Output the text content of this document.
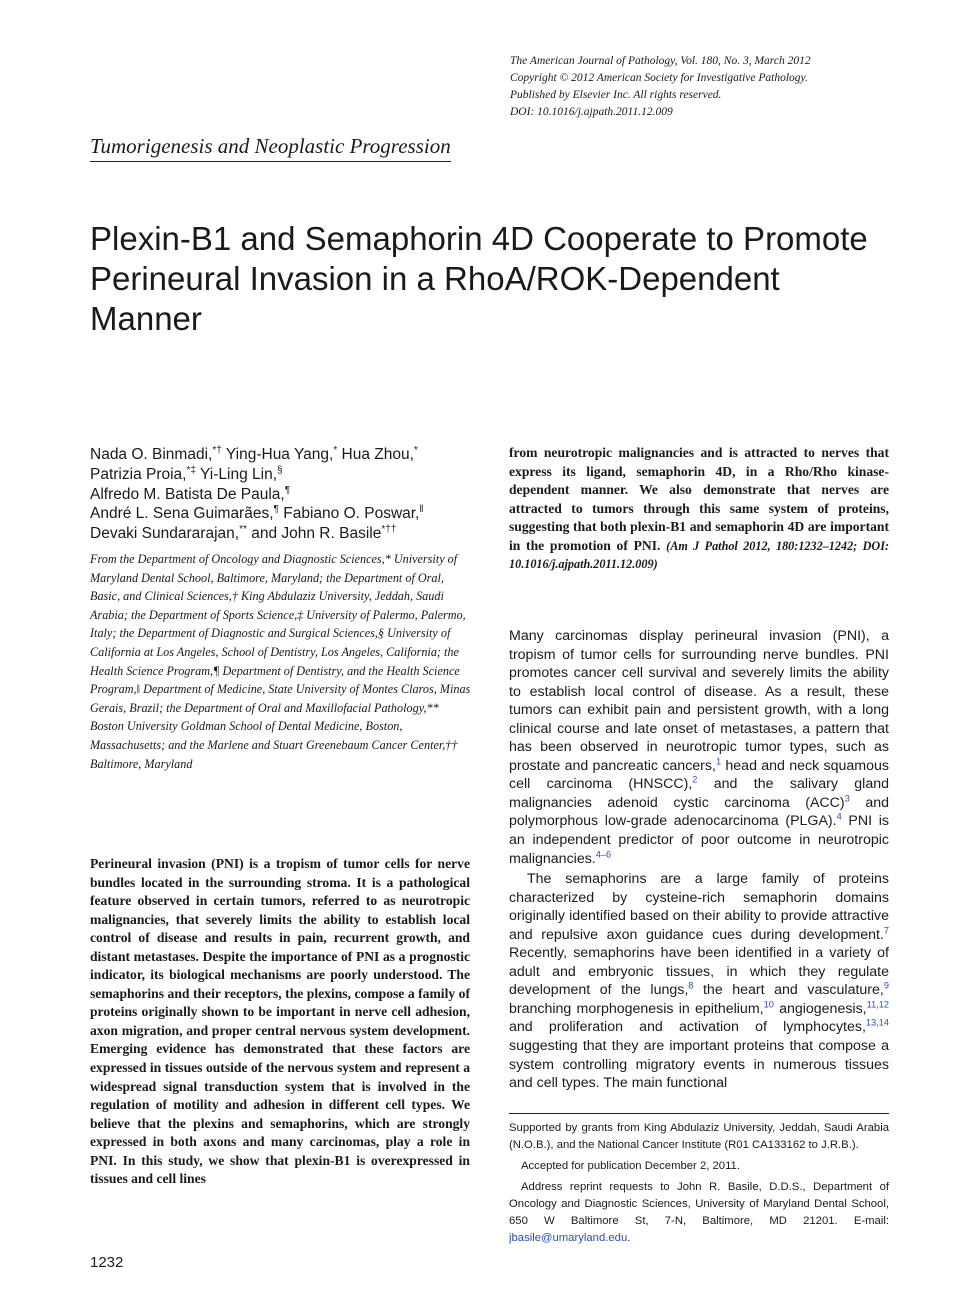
The American Journal of Pathology, Vol. 180, No. 3, March 2012
Copyright © 2012 American Society for Investigative Pathology.
Published by Elsevier Inc. All rights reserved.
DOI: 10.1016/j.ajpath.2011.12.009
Tumorigenesis and Neoplastic Progression
Plexin-B1 and Semaphorin 4D Cooperate to Promote
Perineural Invasion in a RhoA/ROK-Dependent
Manner
Nada O. Binmadi,*† Ying-Hua Yang,* Hua Zhou,*
Patrizia Proia,*‡ Yi-Ling Lin,§
Alfredo M. Batista De Paula,¶
André L. Sena Guimarães,¶ Fabiano O. Poswar,‖
Devaki Sundararajan,** and John R. Basile*††
From the Department of Oncology and Diagnostic Sciences,* University of Maryland Dental School, Baltimore, Maryland; the Department of Oral, Basic, and Clinical Sciences,† King Abdulaziz University, Jeddah, Saudi Arabia; the Department of Sports Science,‡ University of Palermo, Palermo, Italy; the Department of Diagnostic and Surgical Sciences,§ University of California at Los Angeles, School of Dentistry, Los Angeles, California; the Health Science Program,¶ Department of Dentistry, and the Health Science Program,‖ Department of Medicine, State University of Montes Claros, Minas Gerais, Brazil; the Department of Oral and Maxillofacial Pathology,** Boston University Goldman School of Dental Medicine, Boston, Massachusetts; and the Marlene and Stuart Greenebaum Cancer Center,†† Baltimore, Maryland
Perineural invasion (PNI) is a tropism of tumor cells for nerve bundles located in the surrounding stroma. It is a pathological feature observed in certain tumors, referred to as neurotropic malignancies, that severely limits the ability to establish local control of disease and results in pain, recurrent growth, and distant metastases. Despite the importance of PNI as a prognostic indicator, its biological mechanisms are poorly understood. The semaphorins and their receptors, the plexins, compose a family of proteins originally shown to be important in nerve cell adhesion, axon migration, and proper central nervous system development. Emerging evidence has demonstrated that these factors are expressed in tissues outside of the nervous system and represent a widespread signal transduction system that is involved in the regulation of motility and adhesion in different cell types. We believe that the plexins and semaphorins, which are strongly expressed in both axons and many carcinomas, play a role in PNI. In this study, we show that plexin-B1 is overexpressed in tissues and cell lines
from neurotropic malignancies and is attracted to nerves that express its ligand, semaphorin 4D, in a Rho/Rho kinase-dependent manner. We also demonstrate that nerves are attracted to tumors through this same system of proteins, suggesting that both plexin-B1 and semaphorin 4D are important in the promotion of PNI. (Am J Pathol 2012, 180:1232–1242; DOI: 10.1016/j.ajpath.2011.12.009)

Many carcinomas display perineural invasion (PNI), a tropism of tumor cells for surrounding nerve bundles. PNI promotes cancer cell survival and severely limits the ability to establish local control of disease. As a result, these tumors can exhibit pain and persistent growth, with a long clinical course and late onset of metastases, a pattern that has been observed in neurotropic tumor types, such as prostate and pancreatic cancers,$^1$ head and neck squamous cell carcinoma (HNSCC),$^2$ and the salivary gland malignancies adenoid cystic carcinoma (ACC)$^3$ and polymorphous low-grade adenocarcinoma (PLGA).$^4$ PNI is an independent predictor of poor outcome in neurotropic malignancies.$^{4-6}$

The semaphorins are a large family of proteins characterized by cysteine-rich semaphorin domains originally identified based on their ability to provide attractive and repulsive axon guidance cues during development.$^7$ Recently, semaphorins have been identified in a variety of adult and embryonic tissues, in which they regulate development of the lungs,$^8$ the heart and vasculature,$^9$ branching morphogenesis in epithelium,$^{10}$ angiogenesis,$^{11,12}$ and proliferation and activation of lymphocytes,$^{13,14}$ suggesting that they are important proteins that compose a system controlling migratory events in numerous tissues and cell types. The main functional

Supported by grants from King Abdulaziz University, Jeddah, Saudi Arabia (N.O.B.), and the National Cancer Institute (R01 CA133162 to J.R.B.).

Accepted for publication December 2, 2011.

Address reprint requests to John R. Basile, D.D.S., Department of Oncology and Diagnostic Sciences, University of Maryland Dental School, 650 W Baltimore St, 7-N, Baltimore, MD 21201. E-mail: jbasile@umaryland.edu.

1232
